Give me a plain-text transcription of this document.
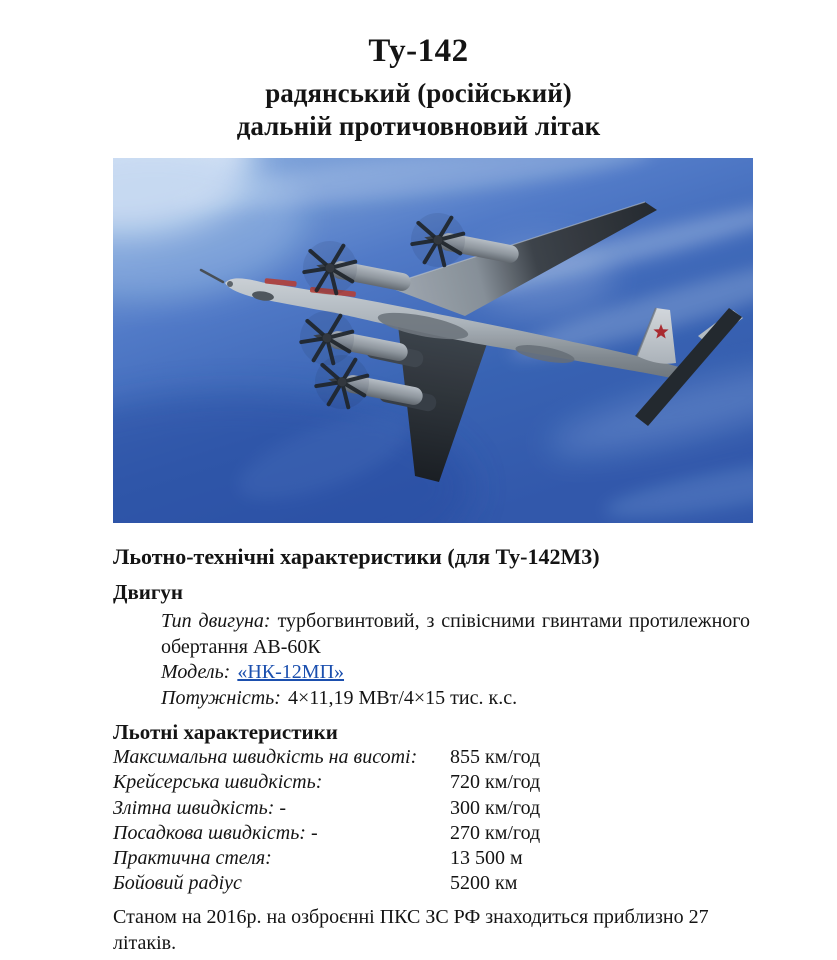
Ту-142
радянський (російський)
дальній протичовновий літак
Льотно-технічні характеристики (для Ту-142М3)
Двигун

Тип двигуна: турбогвинтовий, з співісними гвинтами протилежного обертання АВ-60К

Модель: «НК-12МП»

Потужність: 4×11,19 МВт/4×15 тис. к.с.

Льотні характеристики
Максимальна швидкість на висоті:	855 км/год
Крейсерська швидкість:	720 км/год
Злітна швидкість: -	300 км/год
Посадкова швидкість: -	270 км/год
Практична стеля:	13 500 м
Бойовий радіус	5200 км
Станом на 2016р. на озброєнні ПКС ЗС РФ знаходиться приблизно 27 літаків.
